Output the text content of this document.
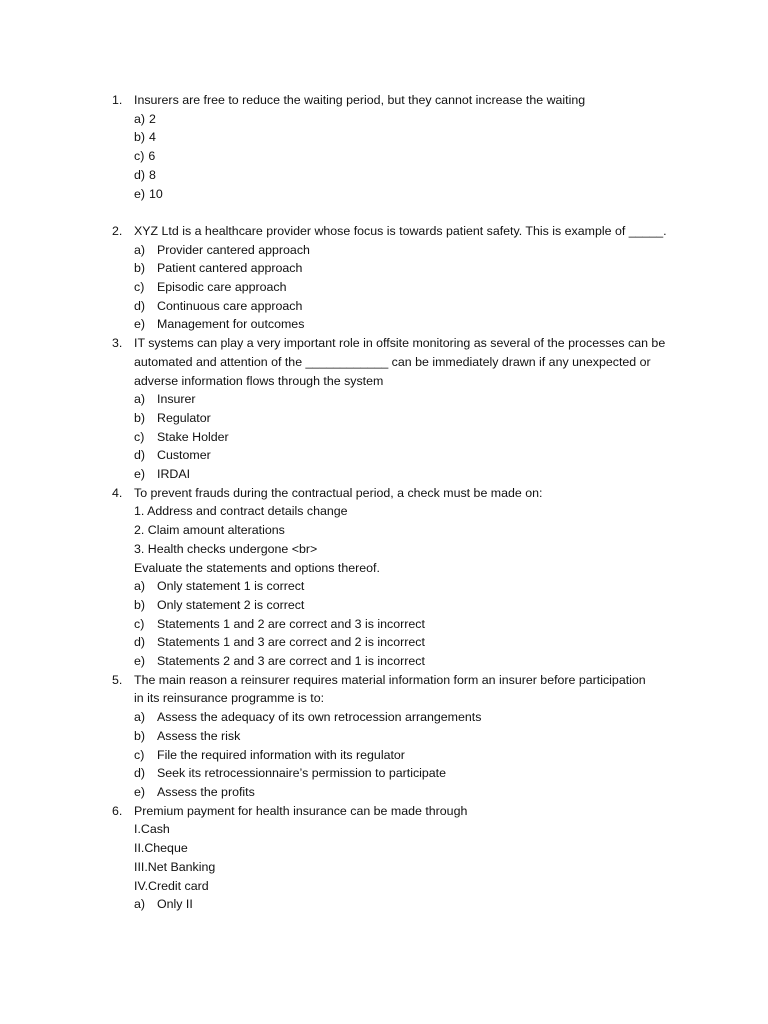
1. Insurers are free to reduce the waiting period, but they cannot increase the waiting
a) 2
b) 4
c) 6
d) 8
e) 10
2. XYZ Ltd is a healthcare provider whose focus is towards patient safety. This is example of _____.
a) Provider cantered approach
b) Patient cantered approach
c) Episodic care approach
d) Continuous care approach
e) Management for outcomes
3. IT systems can play a very important role in offsite monitoring as several of the processes can be
automated and attention of the ____________ can be immediately drawn if any unexpected or
adverse information flows through the system
a) Insurer
b) Regulator
c) Stake Holder
d) Customer
e) IRDAI
4. To prevent frauds during the contractual period, a check must be made on:
1. Address and contract details change
2. Claim amount alterations
3. Health checks undergone <br>
Evaluate the statements and options thereof.
a) Only statement 1 is correct
b) Only statement 2 is correct
c) Statements 1 and 2 are correct and 3 is incorrect
d) Statements 1 and 3 are correct and 2 is incorrect
e) Statements 2 and 3 are correct and 1 is incorrect
5. The main reason a reinsurer requires material information form an insurer before participation
in its reinsurance programme is to:
a) Assess the adequacy of its own retrocession arrangements
b) Assess the risk
c) File the required information with its regulator
d) Seek its retrocessionnaire’s permission to participate
e) Assess the profits
6. Premium payment for health insurance can be made through
I.Cash
II.Cheque
III.Net Banking
IV.Credit card
a) Only II
